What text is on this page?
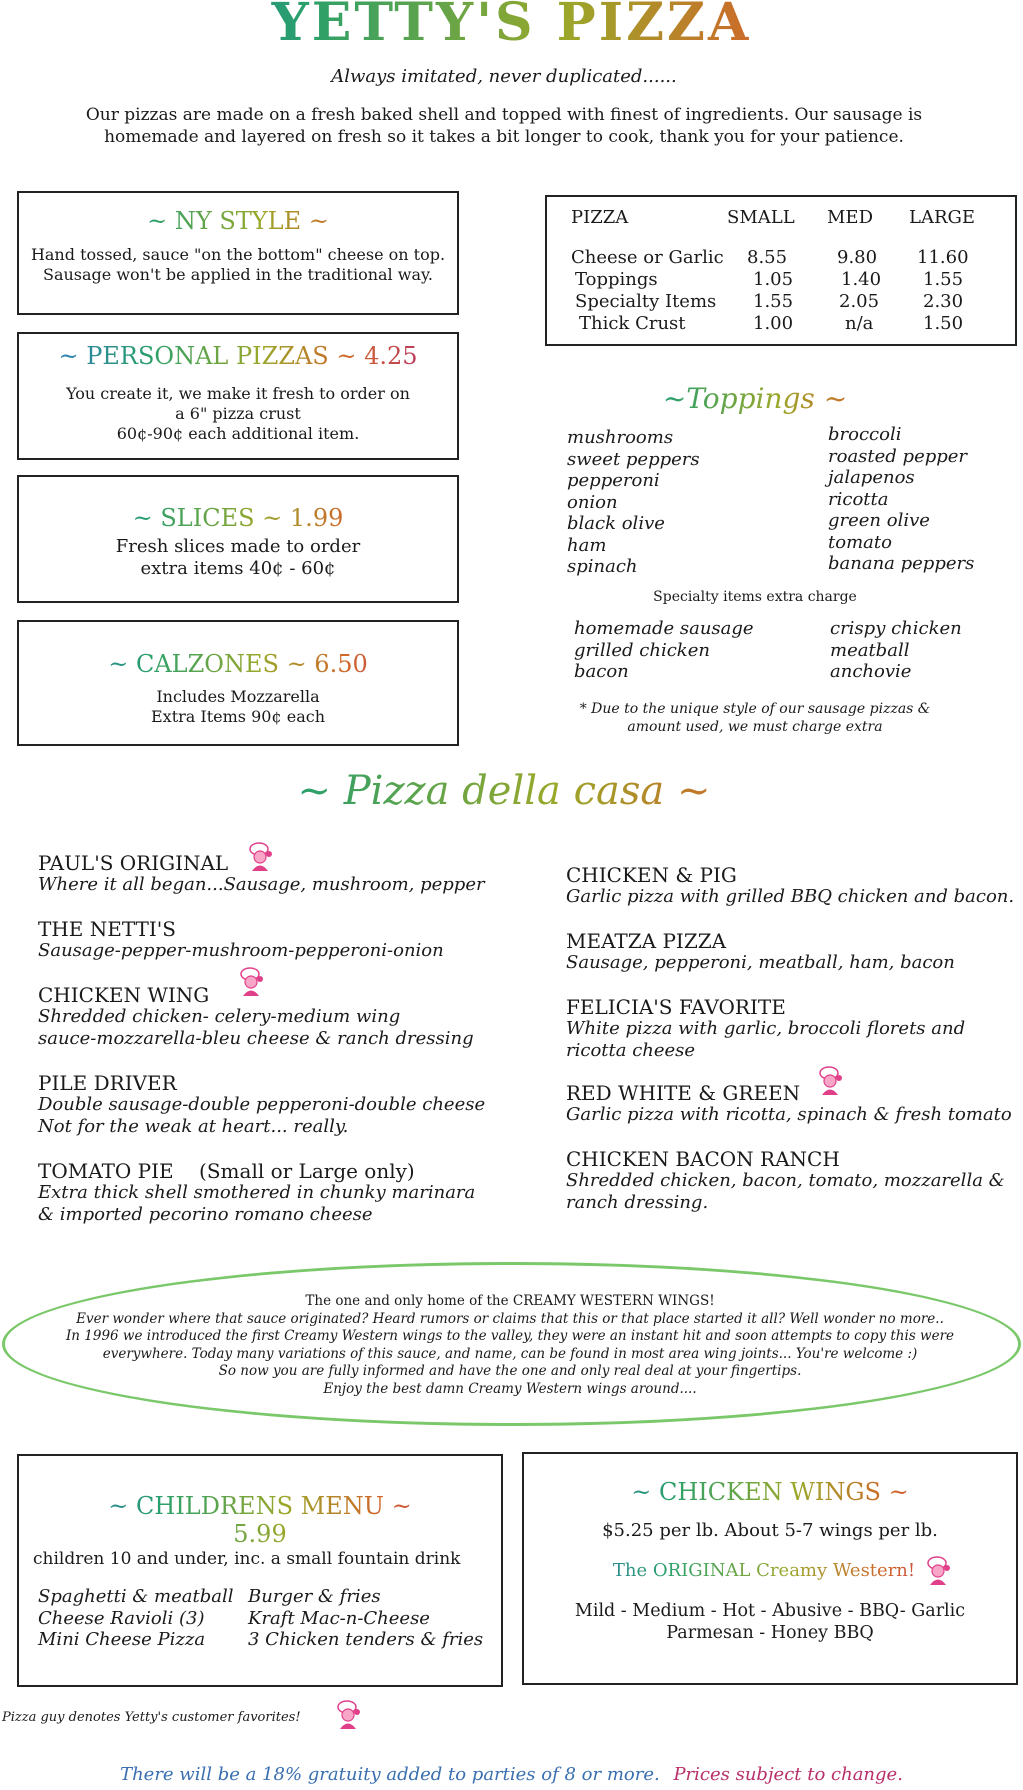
YETTY'S PIZZA
Always imitated, never duplicated......
Our pizzas are made on a fresh baked shell and topped with finest of ingredients. Our sausage is
homemade and layered on fresh so it takes a bit longer to cook, thank you for your patience.
~ NY STYLE ~
Hand tossed, sauce "on the bottom" cheese on top.
Sausage won't be applied in the traditional way.
~ PERSONAL PIZZAS ~ 4.25
You create it, we make it fresh to order on
a 6" pizza crust
60¢-90¢ each additional item.
~ SLICES ~ 1.99
Fresh slices made to order
extra items 40¢ - 60¢
~ CALZONES ~ 6.50
Includes Mozzarella
Extra Items 90¢ each
PIZZA	SMALL MED LARGE
Cheese or Garlic 8.55	9.80 11.60
Toppings	1.05	1.40 1.55
Specialty Items 1.55	2.05 2.30
Thick Crust	1.00	n/a	1.50
~Toppings ~
mushrooms
sweet peppers
pepperoni
onion
black olive
ham
spinach
broccoli
roasted pepper
jalapenos
ricotta
green olive
tomato
banana peppers
Specialty items extra charge
homemade sausage
grilled chicken
bacon
crispy chicken
meatball
anchovie
* Due to the unique style of our sausage pizzas &
amount used, we must charge extra
~ Pizza della casa ~
PAUL'S ORIGINAL
Where it all began...Sausage, mushroom, pepper
THE NETTI'S
Sausage-pepper-mushroom-pepperoni-onion
CHICKEN WING
Shredded chicken- celery-medium wing
sauce-mozzarella-bleu cheese & ranch dressing
PILE DRIVER
Double sausage-double pepperoni-double cheese
Not for the weak at heart... really.
TOMATO PIE    (Small or Large only)
Extra thick shell smothered in chunky marinara
& imported pecorino romano cheese
CHICKEN & PIG
Garlic pizza with grilled BBQ chicken and bacon.
MEATZA PIZZA
Sausage, pepperoni, meatball, ham, bacon
FELICIA'S FAVORITE
White pizza with garlic, broccoli florets and
ricotta cheese
RED WHITE & GREEN
Garlic pizza with ricotta, spinach & fresh tomato
CHICKEN BACON RANCH
Shredded chicken, bacon, tomato, mozzarella &
ranch dressing.
The one and only home of the CREAMY WESTERN WINGS!
Ever wonder where that sauce originated? Heard rumors or claims that this or that place started it all? Well wonder no more..
In 1996 we introduced the first Creamy Western wings to the valley, they were an instant hit and soon attempts to copy this were
everywhere. Today many variations of this sauce, and name, can be found in most area wing joints... You're welcome :)
So now you are fully informed and have the one and only real deal at your fingertips.
Enjoy the best damn Creamy Western wings around....
~ CHILDRENS MENU ~
5.99
children 10 and under, inc. a small fountain drink
Spaghetti & meatball
Cheese Ravioli (3)
Mini Cheese Pizza
Burger & fries
Kraft Mac-n-Cheese
3 Chicken tenders & fries
~ CHICKEN WINGS ~
$5.25 per lb. About 5-7 wings per lb.
The ORIGINAL Creamy Western!
Mild - Medium - Hot - Abusive - BBQ- Garlic
Parmesan - Honey BBQ
Pizza guy denotes Yetty's customer favorites!
There will be a 18% gratuity added to parties of 8 or more. Prices subject to change.
